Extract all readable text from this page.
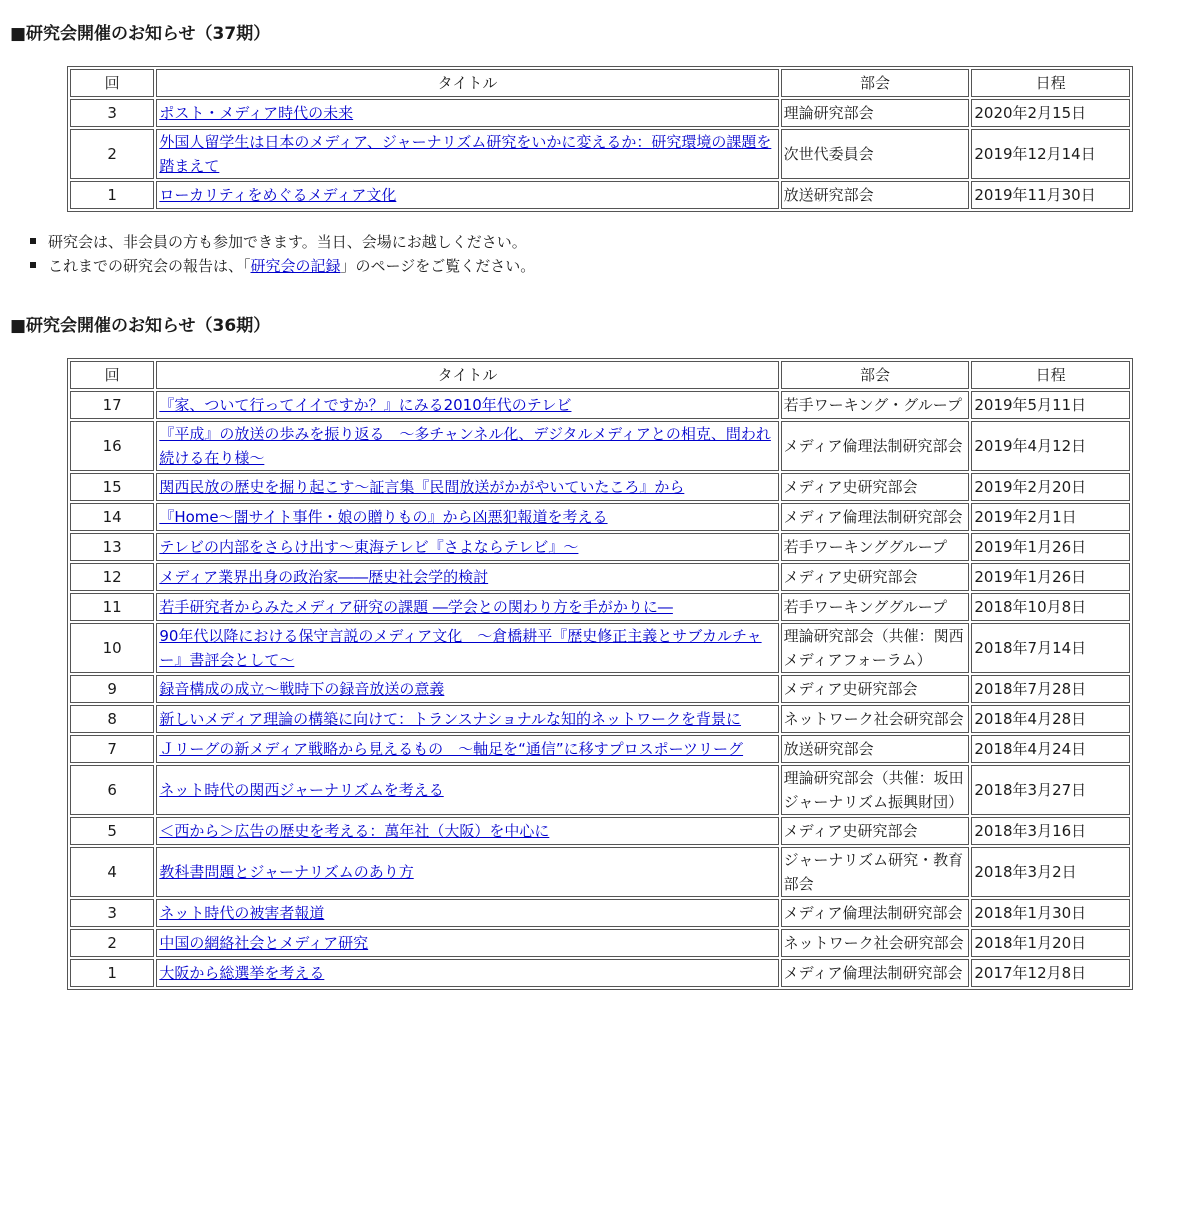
■研究会開催のお知らせ（37期）
回	タイトル	部会	日程
3	ポスト・メディア時代の未来	理論研究部会	2020年2月15日
2	外国人留学生は日本のメディア、ジャーナリズム研究をいかに変えるか：研究環境の課題を踏まえて	次世代委員会	2019年12月14日
1	ローカリティをめぐるメディア文化	放送研究部会	2019年11月30日
研究会は、非会員の方も参加できます。当日、会場にお越しください。
これまでの研究会の報告は、「研究会の記録」のページをご覧ください。
■研究会開催のお知らせ（36期）
回	タイトル	部会	日程
17	『家、ついて行ってイイですか？』にみる2010年代のテレビ	若手ワーキング・グループ	2019年5月11日
16	『平成』の放送の歩みを振り返る　～多チャンネル化、デジタルメディアとの相克、問われ続ける在り様～	メディア倫理法制研究部会	2019年4月12日
15	関西民放の歴史を掘り起こす～証言集『民間放送がかがやいていたころ』から	メディア史研究部会	2019年2月20日
14	『Home～闇サイト事件・娘の贈りもの』から凶悪犯報道を考える	メディア倫理法制研究部会	2019年2月1日
13	テレビの内部をさらけ出す～東海テレビ『さよならテレビ』～	若手ワーキンググループ	2019年1月26日
12	メディア業界出身の政治家――歴史社会学的検討	メディア史研究部会	2019年1月26日
11	若手研究者からみたメディア研究の課題 ―学会との関わり方を手がかりに―	若手ワーキンググループ	2018年10月8日
10	90年代以降における保守言説のメディア文化　～倉橋耕平『歴史修正主義とサブカルチャー』書評会として～	理論研究部会（共催：関西メディアフォーラム）	2018年7月14日
9	録音構成の成立～戦時下の録音放送の意義	メディア史研究部会	2018年7月28日
8	新しいメディア理論の構築に向けて：トランスナショナルな知的ネットワークを背景に	ネットワーク社会研究部会	2018年4月28日
7	Ｊリーグの新メディア戦略から見えるもの　～軸足を“通信”に移すプロスポーツリーグ	放送研究部会	2018年4月24日
6	ネット時代の関西ジャーナリズムを考える	理論研究部会（共催：坂田ジャーナリズム振興財団）	2018年3月27日
5	＜西から＞広告の歴史を考える：萬年社（大阪）を中心に	メディア史研究部会	2018年3月16日
4	教科書問題とジャーナリズムのあり方	ジャーナリズム研究・教育部会	2018年3月2日
3	ネット時代の被害者報道	メディア倫理法制研究部会	2018年1月30日
2	中国の網絡社会とメディア研究	ネットワーク社会研究部会	2018年1月20日
1	大阪から総選挙を考える	メディア倫理法制研究部会	2017年12月8日
